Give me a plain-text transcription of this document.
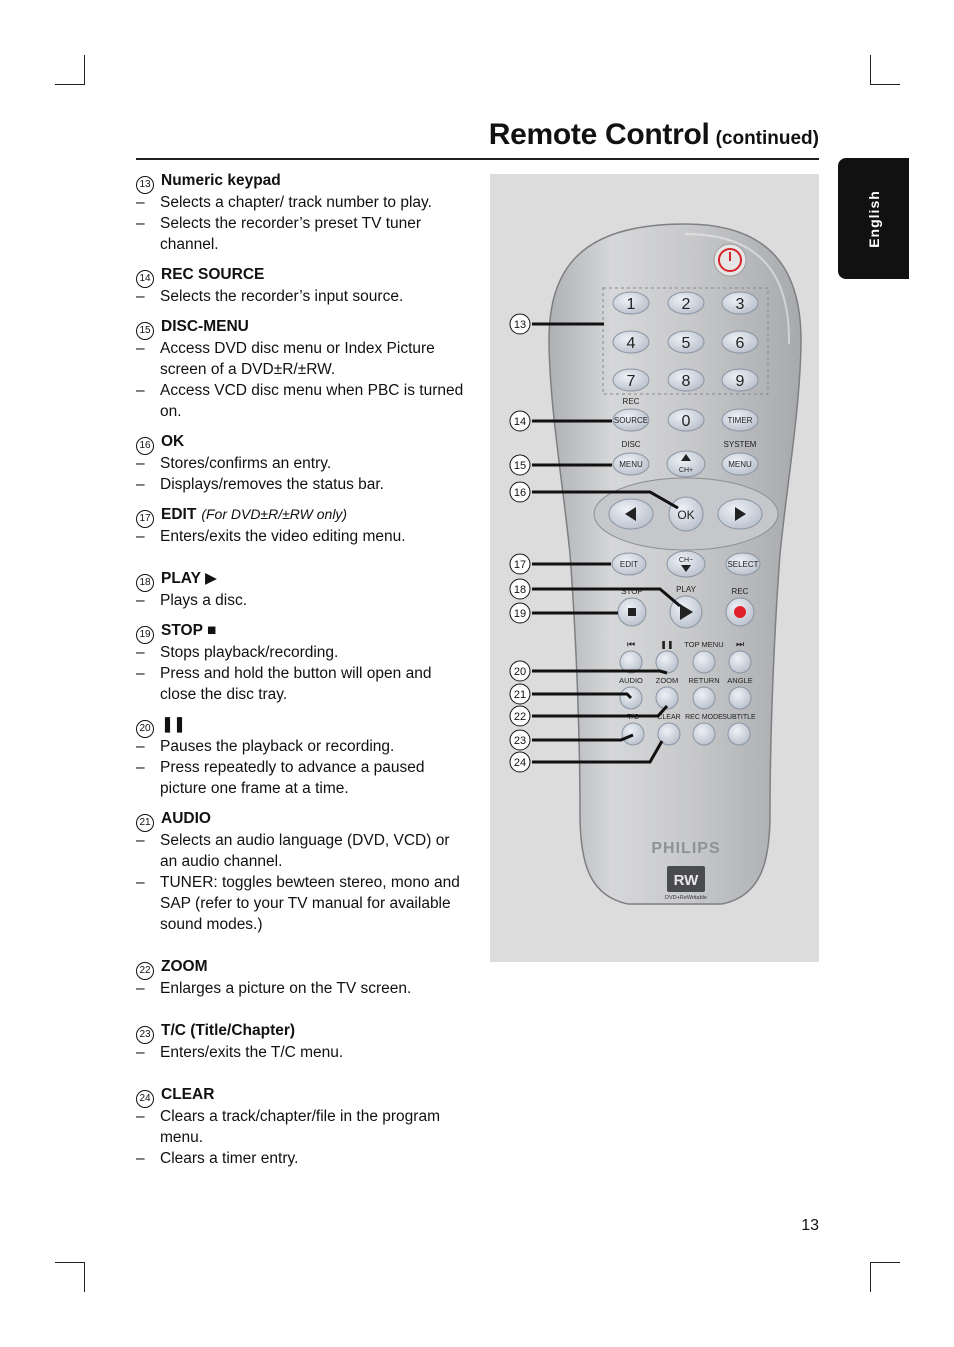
Remote Control (continued)
English
13 Numeric keypad
– Selects a chapter/ track number to play.
– Selects the recorder’s preset TV tuner channel.
14 REC SOURCE
– Selects the recorder’s input source.
15 DISC-MENU
– Access DVD disc menu or Index Picture screen of a DVD±R/±RW.
– Access VCD disc menu when PBC is turned on.
16 OK
– Stores/confirms an entry.
– Displays/removes the status bar.
17 EDIT (For DVD±R/±RW only)
– Enters/exits the video editing menu.
18 PLAY ▶
– Plays a disc.
19 STOP ■
– Stops playback/recording.
– Press and hold the button will open and close the disc tray.
20 ❚❚
– Pauses the playback or recording.
– Press repeatedly to advance a paused picture one frame at a time.
21 AUDIO
– Selects an audio language (DVD, VCD) or an audio channel.
– TUNER: toggles bewteen stereo, mono and SAP (refer to your TV manual for available sound modes.)
22 ZOOM
– Enlarges a picture on the TV screen.
23 T/C (Title/Chapter)
– Enters/exits the T/C menu.
24 CLEAR
– Clears a track/chapter/file in the program menu.
– Clears a timer entry.
13
1	2	3
4	5	6
7	8	9
0
REC
SOURCE	TIMER
DISC	SYSTEM
MENU	MENU
CH+
OK
EDIT	CH−	SELECT
STOP	PLAY	REC
⏮	❚❚ TOP MENU ⏭
AUDIO ZOOM RETURN ANGLE
T/C	CLEAR REC MODE SUBTITLE
PHILIPS
RW
DVD+ReWritable
13
14
15
16
17
18
19
20
21
22
23
24
